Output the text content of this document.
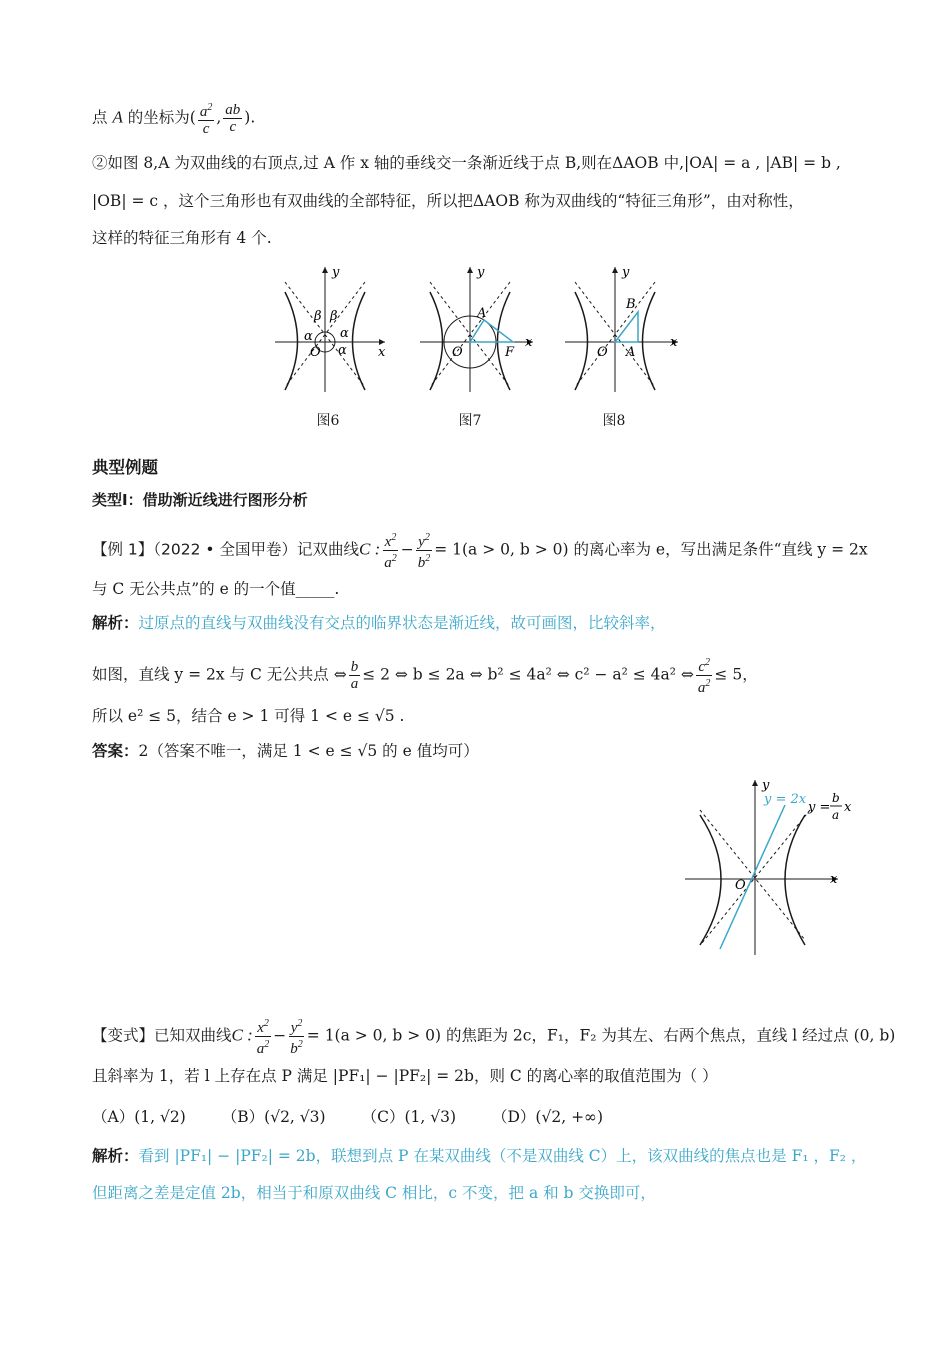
点 A 的坐标为( $\frac{a^2}{c}$ , $\frac{ab}{c}$ ).
②如图 8,A 为双曲线的右顶点,过 A 作 x 轴的垂线交一条渐近线于点 B,则在ΔAOB 中,|OA| = a , |AB| = b ,
|OB| = c ，这个三角形也有双曲线的全部特征，所以把ΔAOB 称为双曲线的“特征三角形”，由对称性，
这样的特征三角形有 4 个.
y
x
O
β β
α α
α
图6
y
x
O
A
F
图7
y
x
O
B
A
图8
典型例题
类型Ⅰ：借助渐近线进行图形分析
【例 1】（2022 • 全国甲卷）记双曲线C : $\frac{x^2}{a^2} - \frac{y^2}{b^2} = 1(a > 0$, b > 0) 的离心率为 e，写出满足条件“直线 y = 2x
与 C 无公共点”的 e 的一个值_____.
解析：过原点的直线与双曲线没有交点的临界状态是渐近线，故可画图，比较斜率，
如图，直线 y = 2x 与 C 无公共点 ⇔ $\frac{b}{a} \le 2$ ⇔ b ≤ 2a ⇔ b² ≤ 4a² ⇔ c² − a² ≤ 4a² ⇔ $\frac{c^2}{a^2} \le 5$，
所以 e² ≤ 5，结合 e > 1 可得 1 < e ≤ √5 .
答案：2（答案不唯一，满足 1 < e ≤ √5 的 e 值均可）
y
x
O
y = 2x
y =
b
a x
【变式】已知双曲线C : $\frac{x^2}{a^2} - \frac{y^2}{b^2} = 1(a > 0$, b > 0) 的焦距为 2c，F₁，F₂ 为其左、右两个焦点，直线 l 经过点 (0, b)
且斜率为 1，若 l 上存在点 P 满足 |PF₁| − |PF₂| = 2b，则 C 的离心率的取值范围为（ ）
（A）(1, √2) （B）(√2, √3) （C）(1, √3) （D）(√2, +∞)
解析：看到 |PF₁| − |PF₂| = 2b，联想到点 P 在某双曲线（不是双曲线 C）上，该双曲线的焦点也是 F₁ ，F₂ ，
但距离之差是定值 2b，相当于和原双曲线 C 相比，c 不变，把 a 和 b 交换即可，
